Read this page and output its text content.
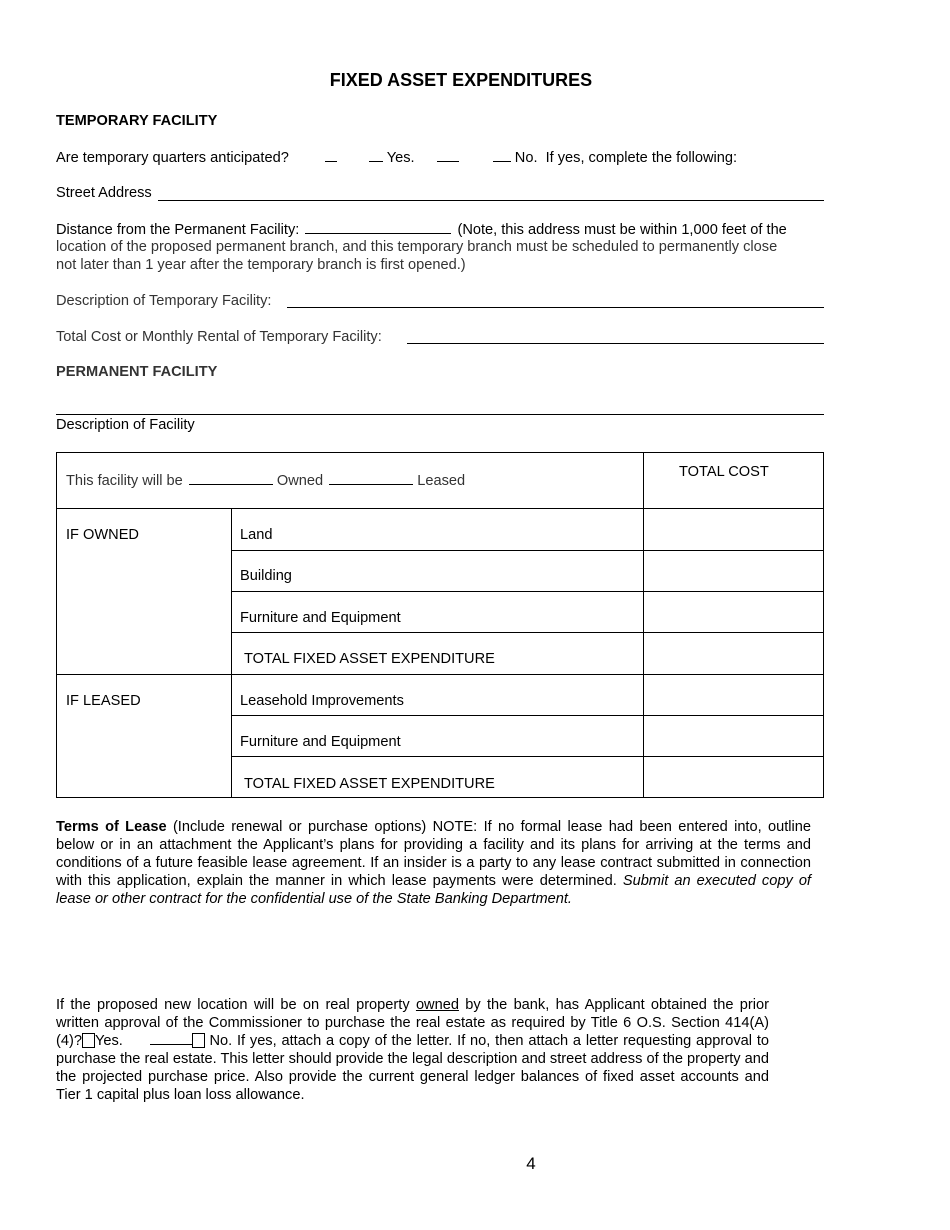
FIXED ASSET EXPENDITURES
TEMPORARY FACILITY
Are temporary quarters anticipated?	Yes.	No. If yes, complete the following:
Street Address
Distance from the Permanent Facility:	(Note, this address must be within 1,000 feet of the
location of the proposed permanent branch, and this temporary branch must be scheduled to permanently close
not later than 1 year after the temporary branch is first opened.)
Description of Temporary Facility:
Total Cost or Monthly Rental of Temporary Facility:
PERMANENT FACILITY
Description of Facility
This facility will be	Owned	Leased
TOTAL COST
IF OWNED	Land
Building
Furniture and Equipment
TOTAL FIXED ASSET EXPENDITURE
IF LEASED	Leasehold Improvements
Furniture and Equipment
TOTAL FIXED ASSET EXPENDITURE
Terms of Lease (Include renewal or purchase options) NOTE: If no formal lease had been entered into, outline below or in an attachment the Applicant’s plans for providing a facility and its plans for arriving at the terms and conditions of a future feasible lease agreement. If an insider is a party to any lease contract submitted in connection with this application, explain the manner in which lease payments were determined. Submit an executed copy of lease or other contract for the confidential use of the State Banking Department.
If the proposed new location will be on real property owned by the bank, has Applicant obtained the prior written approval of the Commissioner to purchase the real estate as required by Title 6 O.S. Section 414(A)(4)? Yes.	No. If yes, attach a copy of the letter. If no, then attach a letter requesting approval to purchase the real estate. This letter should provide the legal description and street address of the property and the projected purchase price. Also provide the current general ledger balances of fixed asset accounts and Tier 1 capital plus loan loss allowance.
4
